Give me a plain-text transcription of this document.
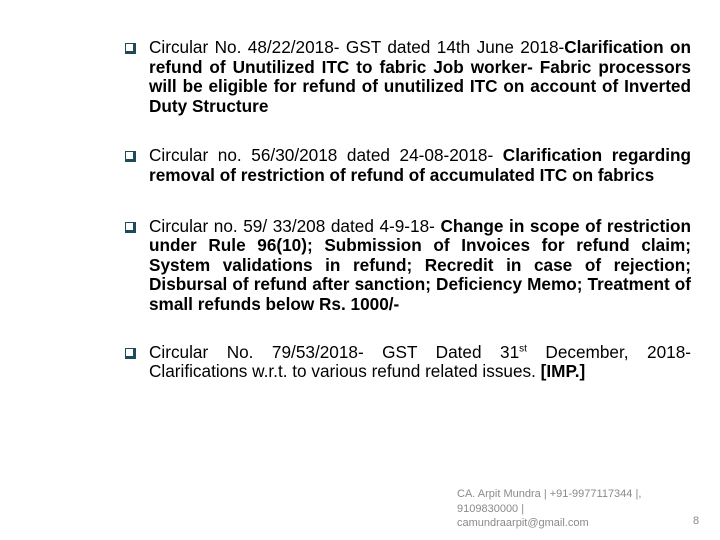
Circular No. 48/22/2018- GST dated 14th June 2018-Clarification on refund of Unutilized ITC to fabric Job worker- Fabric processors will be eligible for refund of unutilized ITC on account of Inverted Duty Structure
Circular no. 56/30/2018 dated 24-08-2018- Clarification regarding removal of restriction of refund of accumulated ITC on fabrics
Circular no. 59/ 33/208 dated 4-9-18- Change in scope of restriction under Rule 96(10); Submission of Invoices for refund claim; System validations in refund; Recredit in case of rejection; Disbursal of refund after sanction; Deficiency Memo; Treatment of small refunds below Rs. 1000/-
Circular No. 79/53/2018- GST Dated 31st December, 2018- Clarifications w.r.t. to various refund related issues. [IMP.]
CA. Arpit Mundra | +91-9977117344 |,
9109830000 |
camundraarpit@gmail.com	8
